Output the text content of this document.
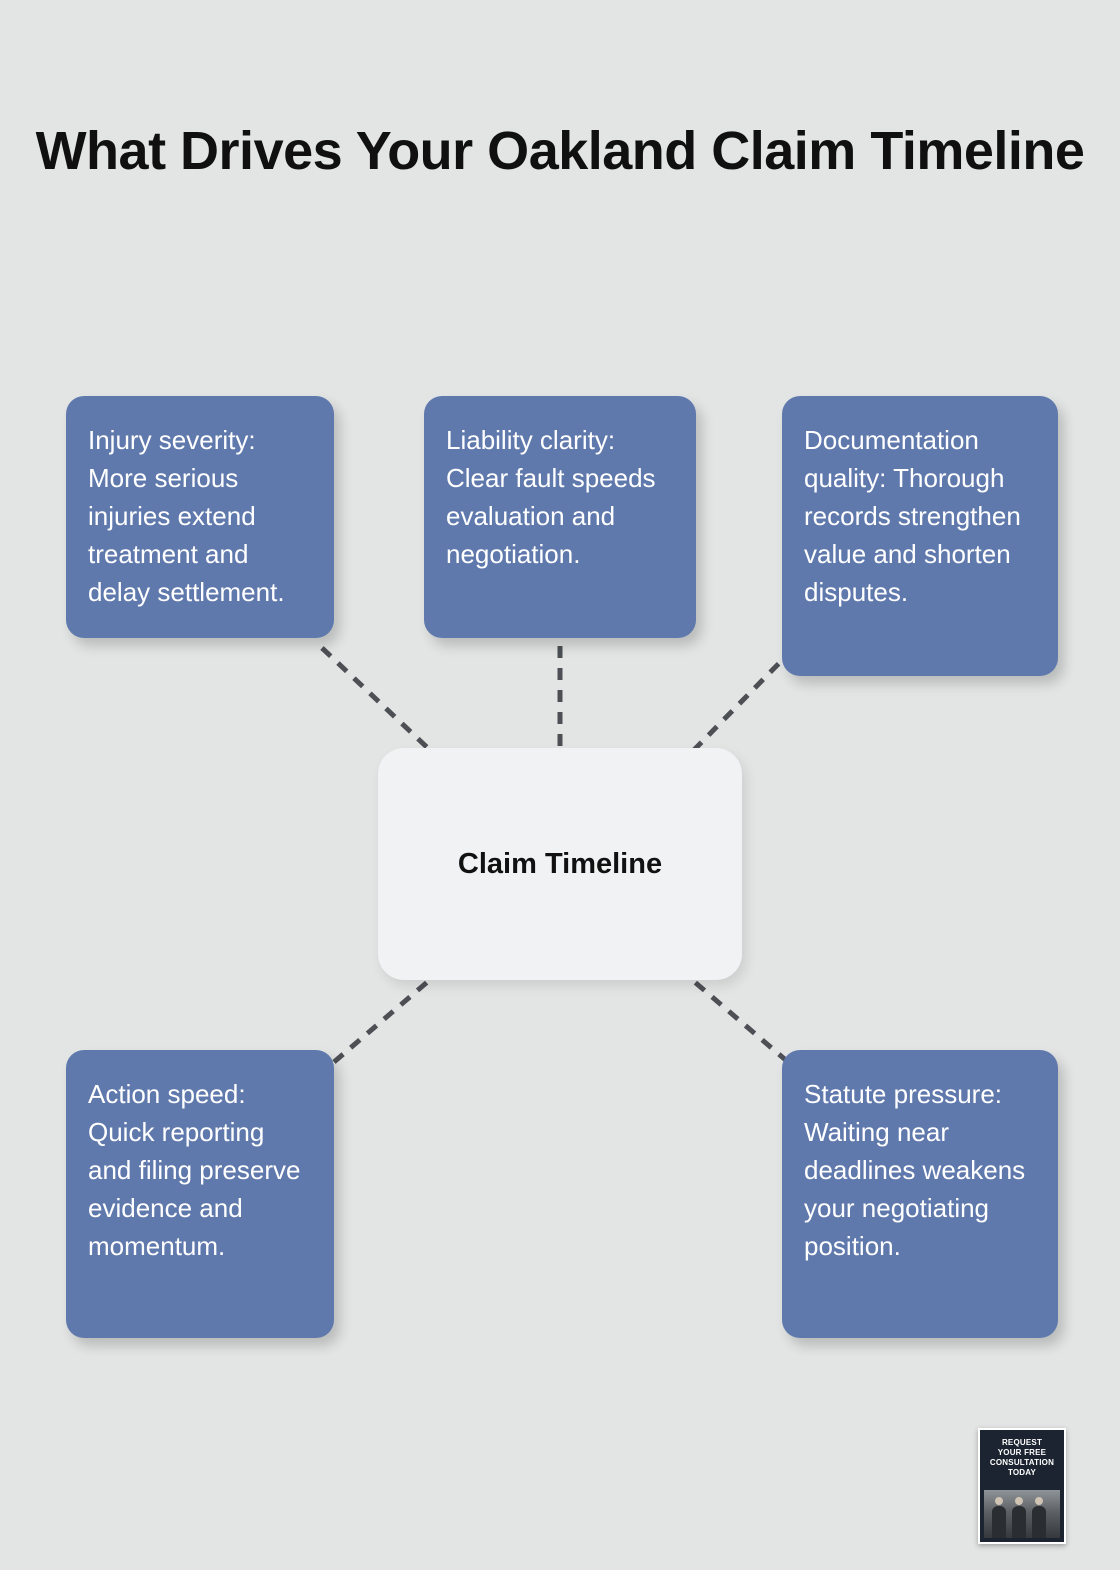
What Drives Your Oakland Claim Timeline
Injury severity: More serious injuries extend treatment and delay settlement.
Liability clarity: Clear fault speeds evaluation and negotiation.
Documentation quality: Thorough records strengthen value and shorten disputes.
Action speed: Quick reporting and filing preserve evidence and momentum.
Statute pressure: Waiting near deadlines weakens your negotiating position.
Claim Timeline
REQUEST
YOUR FREE
CONSULTATION
TODAY
